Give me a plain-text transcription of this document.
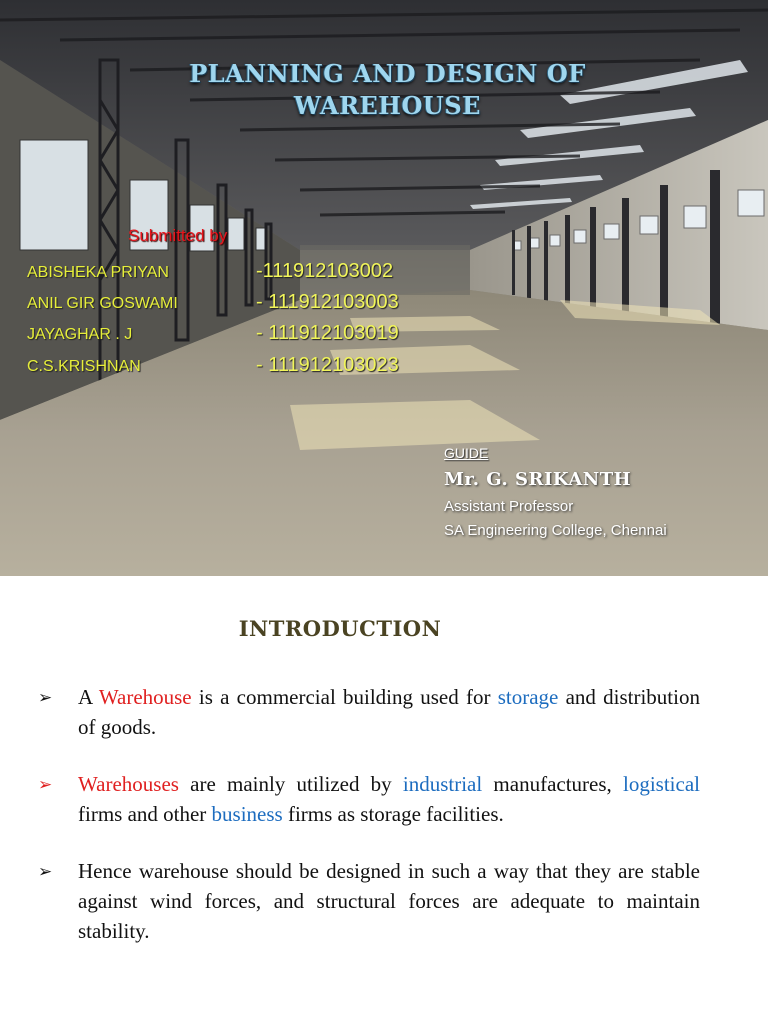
PLANNING AND DESIGN OF
WAREHOUSE
Submitted by
ABISHEKA PRIYAN	-111912103002
ANIL GIR GOSWAMI	- 111912103003
JAYAGHAR . J	- 111912103019
C.S.KRISHNAN	- 111912103023
GUIDE
Mr. G. SRIKANTH
Assistant Professor
SA Engineering College, Chennai
INTRODUCTION
➢ A Warehouse is a commercial building used for storage and distribution of goods.
➢ Warehouses are mainly utilized by industrial manufactures, logistical firms and other business firms as storage facilities.
➢ Hence warehouse should be designed in such a way that they are stable against wind forces, and structural forces are adequate to maintain stability.
